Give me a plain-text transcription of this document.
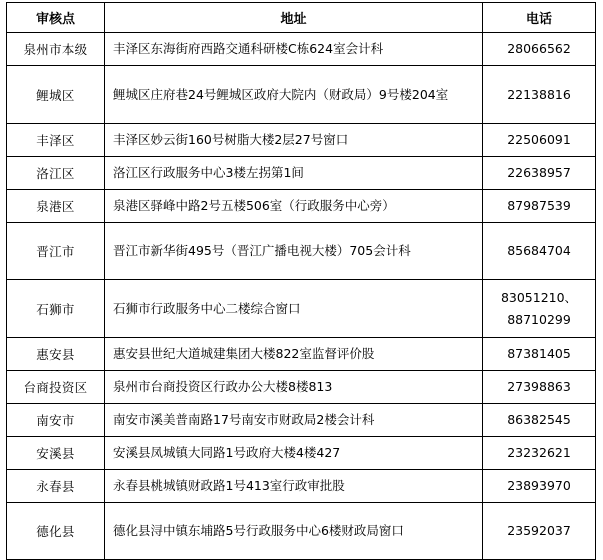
审核点	地址	电话
泉州市本级	丰泽区东海街府西路交通科研楼C栋624室会计科	28066562

鲤城区	鲤城区庄府巷24号鲤城区政府大院内（财政局）9号楼204室	22138816

丰泽区	丰泽区妙云街160号树脂大楼2层27号窗口	22506091

洛江区	洛江区行政服务中心3楼左拐第1间	22638957

泉港区	泉港区驿峰中路2号五楼506室（行政服务中心旁）	87987539

晋江市	晋江市新华街495号（晋江广播电视大楼）705会计科	85684704

石狮市	石狮市行政服务中心二楼综合窗口	83051210、
88710299

惠安县	惠安县世纪大道城建集团大楼822室监督评价股	87381405

台商投资区	泉州市台商投资区行政办公大楼8楼813	27398863

南安市	南安市溪美普南路17号南安市财政局2楼会计科	86382545

安溪县	安溪县凤城镇大同路1号政府大楼4楼427	23232621

永春县	永春县桃城镇财政路1号413室行政审批股	23893970

德化县	德化县浔中镇东埔路5号行政服务中心6楼财政局窗口	23592037
